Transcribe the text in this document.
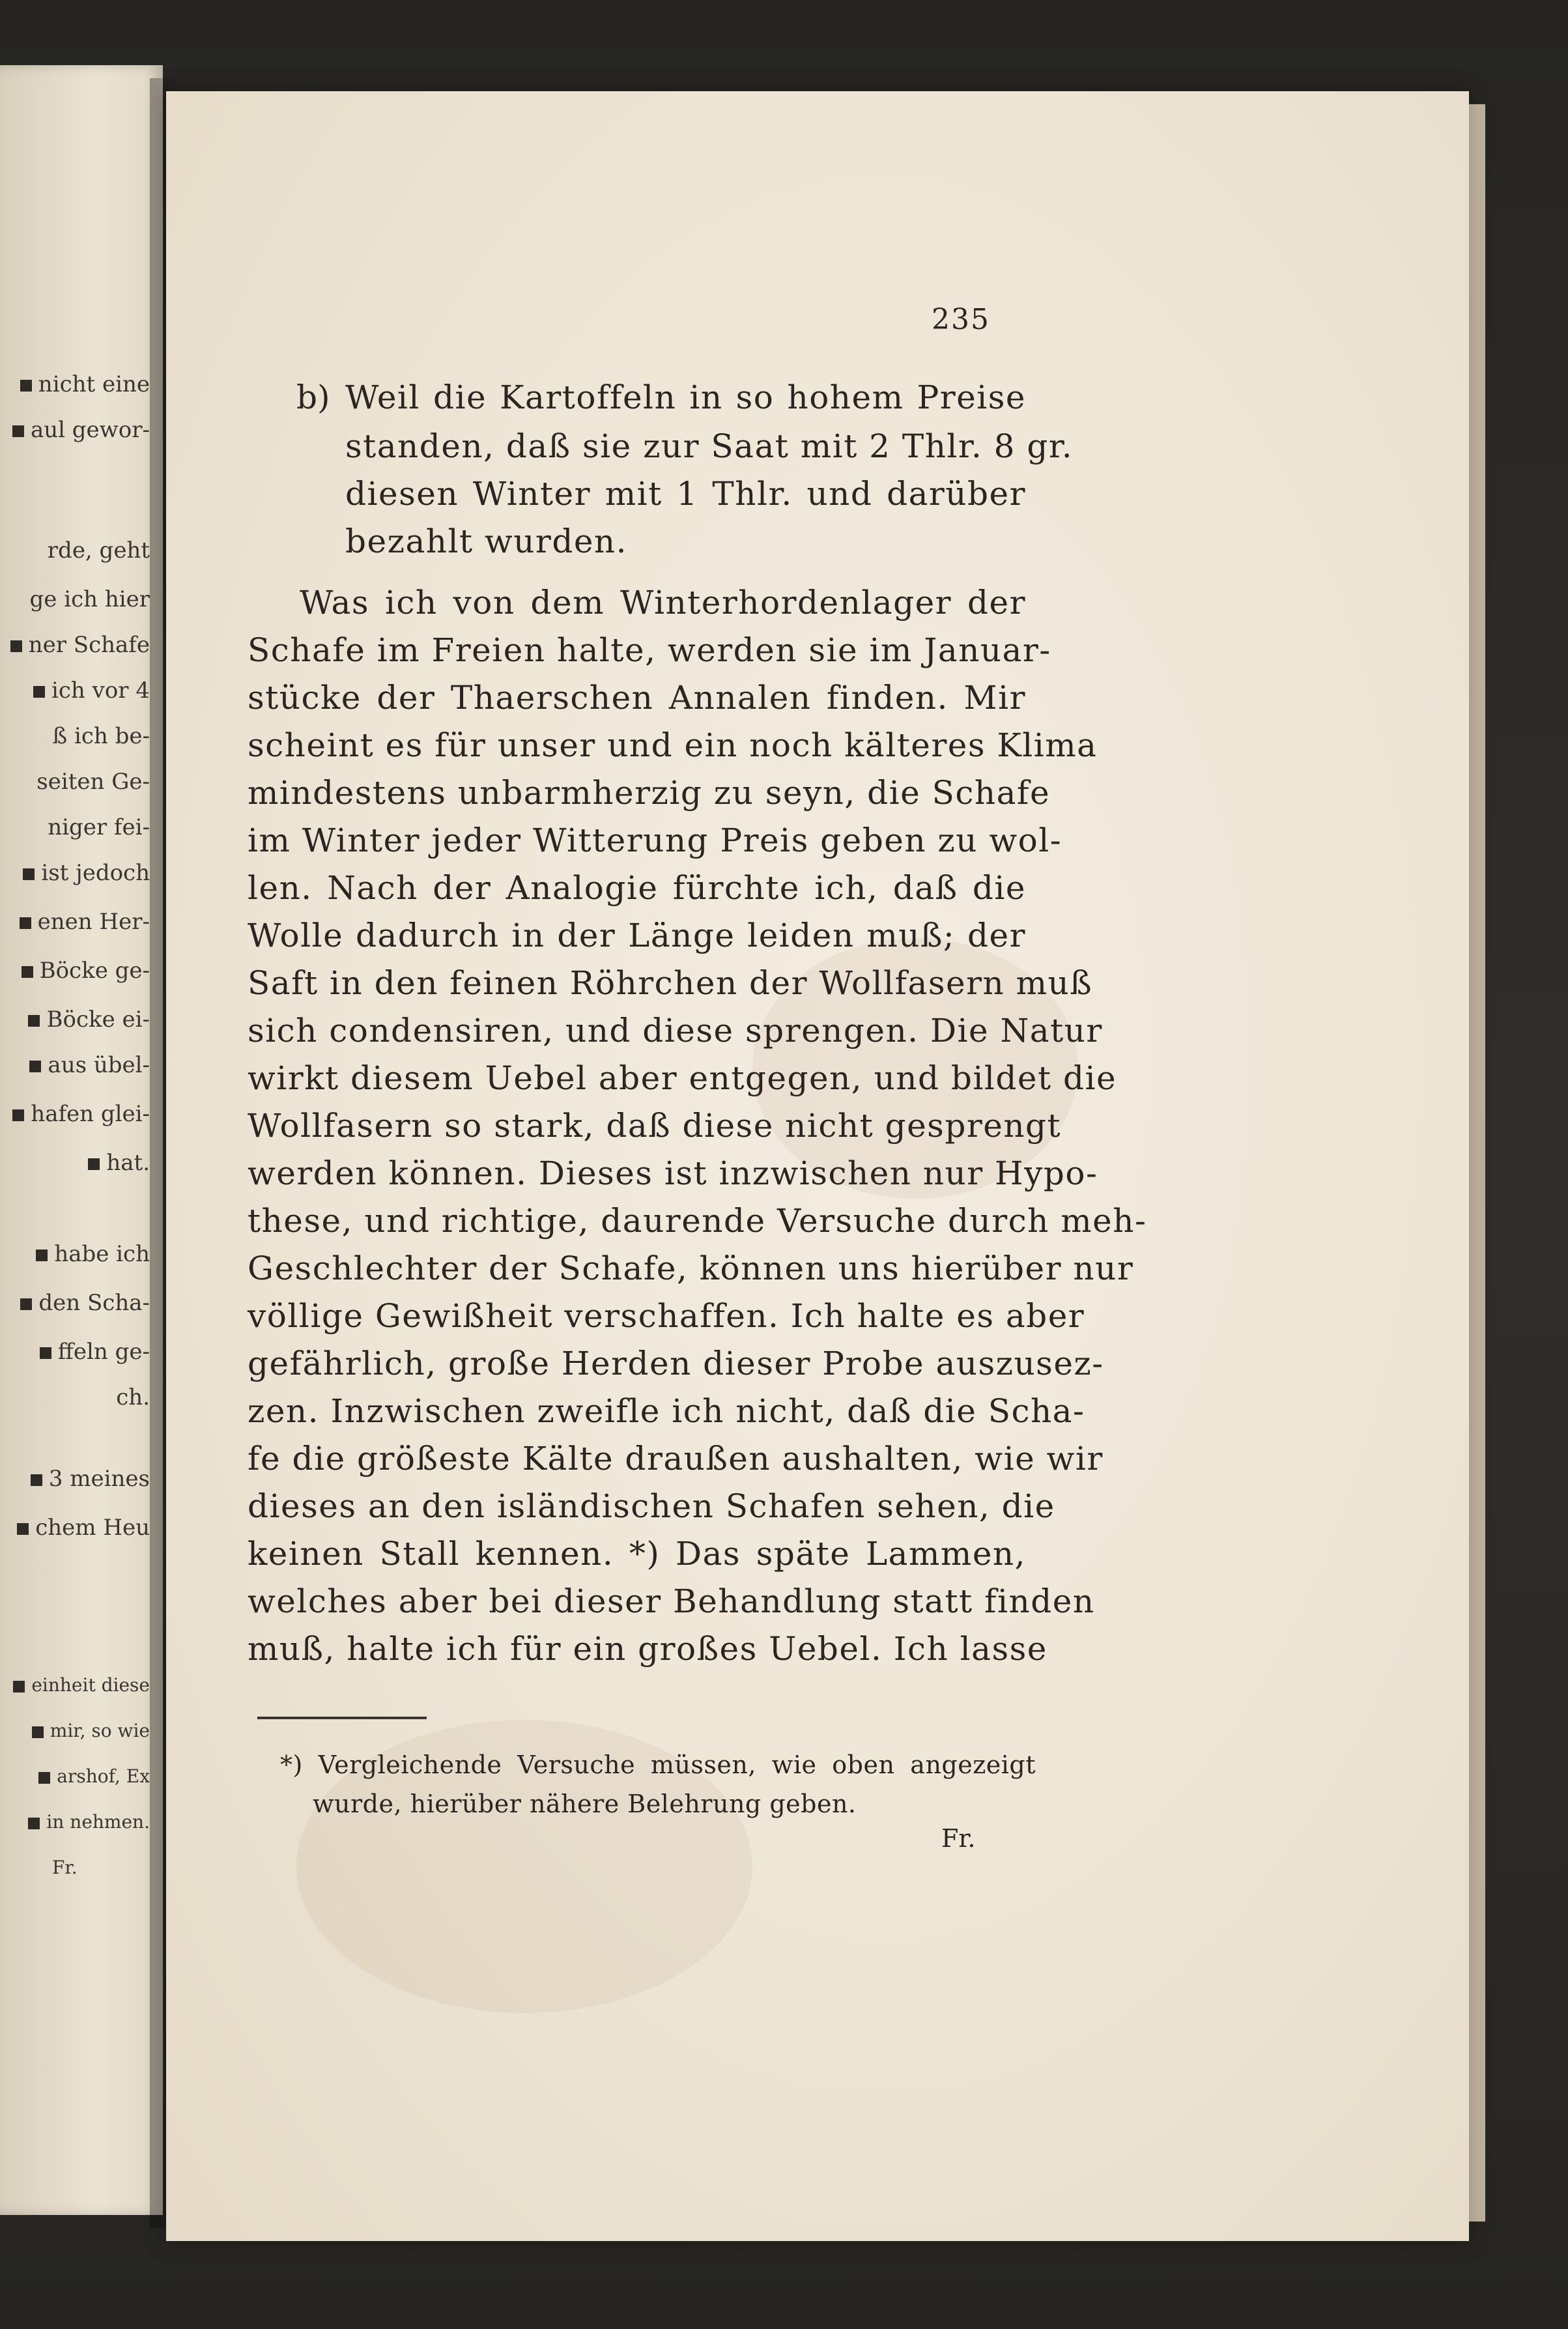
nicht eine
aul gewor-
rde, geht
ge ich hier
ner Schafe
ich vor 4
ß ich be-
seiten Ge-
niger fei-
ist jedoch
enen Her-
Böcke ge-
Böcke ei-
aus übel-
hafen glei-
hat.
habe ich
den Scha-
ffeln ge-
ch.
3 meines
chem Heu
einheit diese
mir, so wie
arshof, Ex
in nehmen.
Fr.
235
b) Weil die Kartoffeln in so hohem Preise
standen, daß sie zur Saat mit 2 Thlr. 8 gr.
diesen Winter mit 1 Thlr. und darüber
bezahlt wurden.
Was ich von dem Winterhordenlager der
Schafe im Freien halte, werden sie im Januar-
stücke der Thaerschen Annalen finden. Mir
scheint es für unser und ein noch kälteres Klima
mindestens unbarmherzig zu seyn, die Schafe
im Winter jeder Witterung Preis geben zu wol-
len. Nach der Analogie fürchte ich, daß die
Wolle dadurch in der Länge leiden muß; der
Saft in den feinen Röhrchen der Wollfasern muß
sich condensiren, und diese sprengen. Die Natur
wirkt diesem Uebel aber entgegen, und bildet die
Wollfasern so stark, daß diese nicht gesprengt
werden können. Dieses ist inzwischen nur Hypo-
these, und richtige, daurende Versuche durch meh-
Geschlechter der Schafe, können uns hierüber nur
völlige Gewißheit verschaffen. Ich halte es aber
gefährlich, große Herden dieser Probe auszusez-
zen. Inzwischen zweifle ich nicht, daß die Scha-
fe die größeste Kälte draußen aushalten, wie wir
dieses an den isländischen Schafen sehen, die
keinen Stall kennen. *) Das späte Lammen,
welches aber bei dieser Behandlung statt finden
muß, halte ich für ein großes Uebel. Ich lasse
*) Vergleichende Versuche müssen, wie oben angezeigt
wurde, hierüber nähere Belehrung geben.
Fr.
